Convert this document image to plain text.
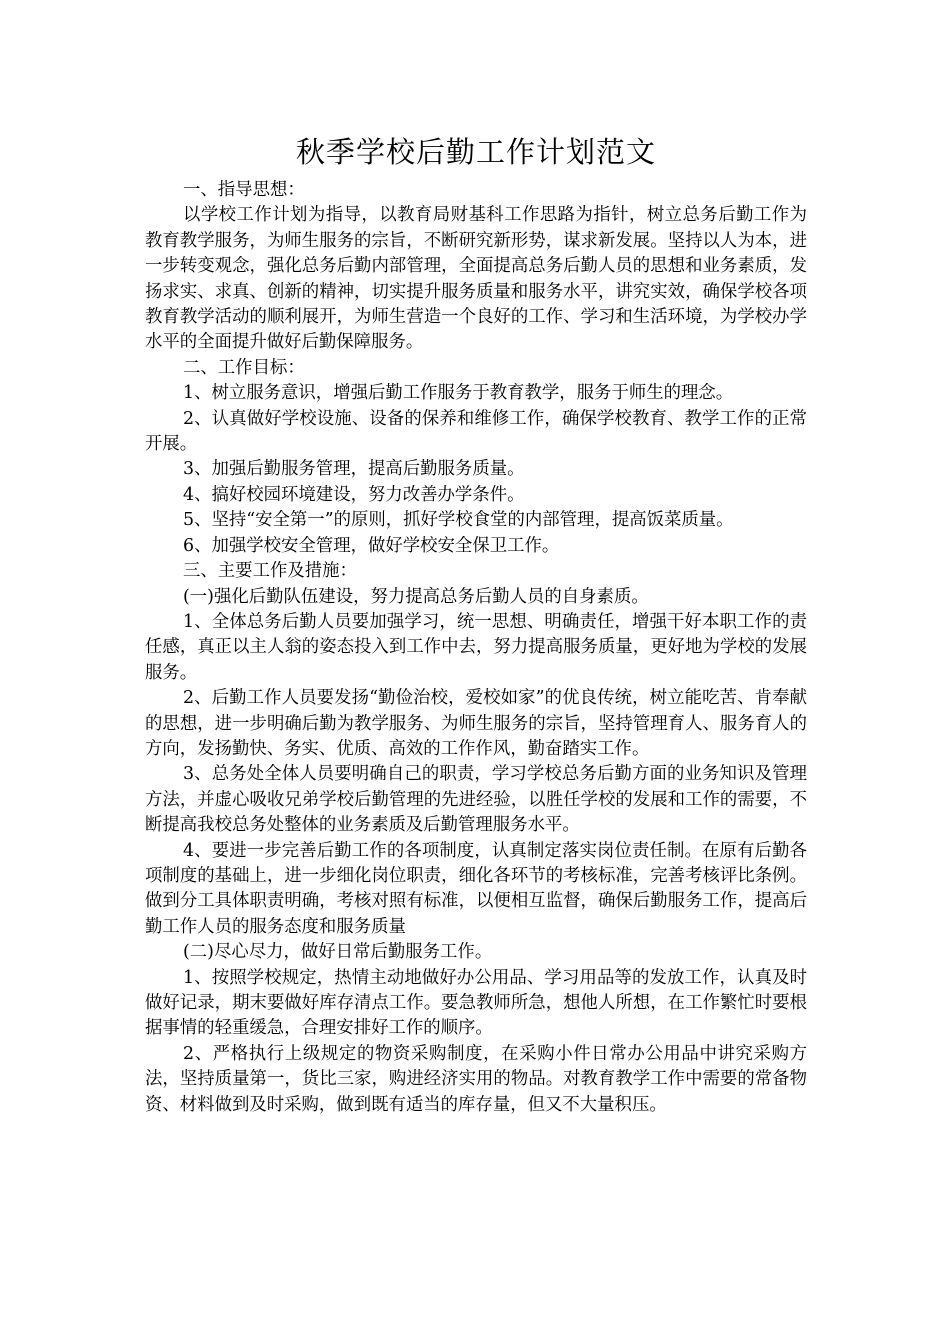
秋季学校后勤工作计划范文

一、指导思想：

以学校工作计划为指导，以教育局财基科工作思路为指针，树立总务后勤工作为教育教学服务，为师生服务的宗旨，不断研究新形势，谋求新发展。坚持以人为本，进一步转变观念，强化总务后勤内部管理，全面提高总务后勤人员的思想和业务素质，发扬求实、求真、创新的精神，切实提升服务质量和服务水平，讲究实效，确保学校各项教育教学活动的顺利展开，为师生营造一个良好的工作、学习和生活环境，为学校办学水平的全面提升做好后勤保障服务。

二、工作目标：

1、树立服务意识，增强后勤工作服务于教育教学，服务于师生的理念。

2、认真做好学校设施、设备的保养和维修工作，确保学校教育、教学工作的正常开展。

3、加强后勤服务管理，提高后勤服务质量。

4、搞好校园环境建设，努力改善办学条件。

5、坚持“安全第一”的原则，抓好学校食堂的内部管理，提高饭菜质量。

6、加强学校安全管理，做好学校安全保卫工作。

三、主要工作及措施：

(一)强化后勤队伍建设，努力提高总务后勤人员的自身素质。

1、全体总务后勤人员要加强学习，统一思想、明确责任，增强干好本职工作的责任感，真正以主人翁的姿态投入到工作中去，努力提高服务质量，更好地为学校的发展服务。

2、后勤工作人员要发扬“勤俭治校，爱校如家”的优良传统，树立能吃苦、肯奉献的思想，进一步明确后勤为教学服务、为师生服务的宗旨，坚持管理育人、服务育人的方向，发扬勤快、务实、优质、高效的工作作风，勤奋踏实工作。

3、总务处全体人员要明确自己的职责，学习学校总务后勤方面的业务知识及管理方法，并虚心吸收兄弟学校后勤管理的先进经验，以胜任学校的发展和工作的需要，不断提高我校总务处整体的业务素质及后勤管理服务水平。

4、要进一步完善后勤工作的各项制度，认真制定落实岗位责任制。在原有后勤各项制度的基础上，进一步细化岗位职责，细化各环节的考核标准，完善考核评比条例。做到分工具体职责明确，考核对照有标准，以便相互监督，确保后勤服务工作，提高后勤工作人员的服务态度和服务质量

(二)尽心尽力，做好日常后勤服务工作。

1、按照学校规定，热情主动地做好办公用品、学习用品等的发放工作，认真及时做好记录，期末要做好库存清点工作。要急教师所急，想他人所想，在工作繁忙时要根据事情的轻重缓急，合理安排好工作的顺序。

2、严格执行上级规定的物资采购制度，在采购小件日常办公用品中讲究采购方法，坚持质量第一，货比三家，购进经济实用的物品。对教育教学工作中需要的常备物资、材料做到及时采购，做到既有适当的库存量，但又不大量积压。
